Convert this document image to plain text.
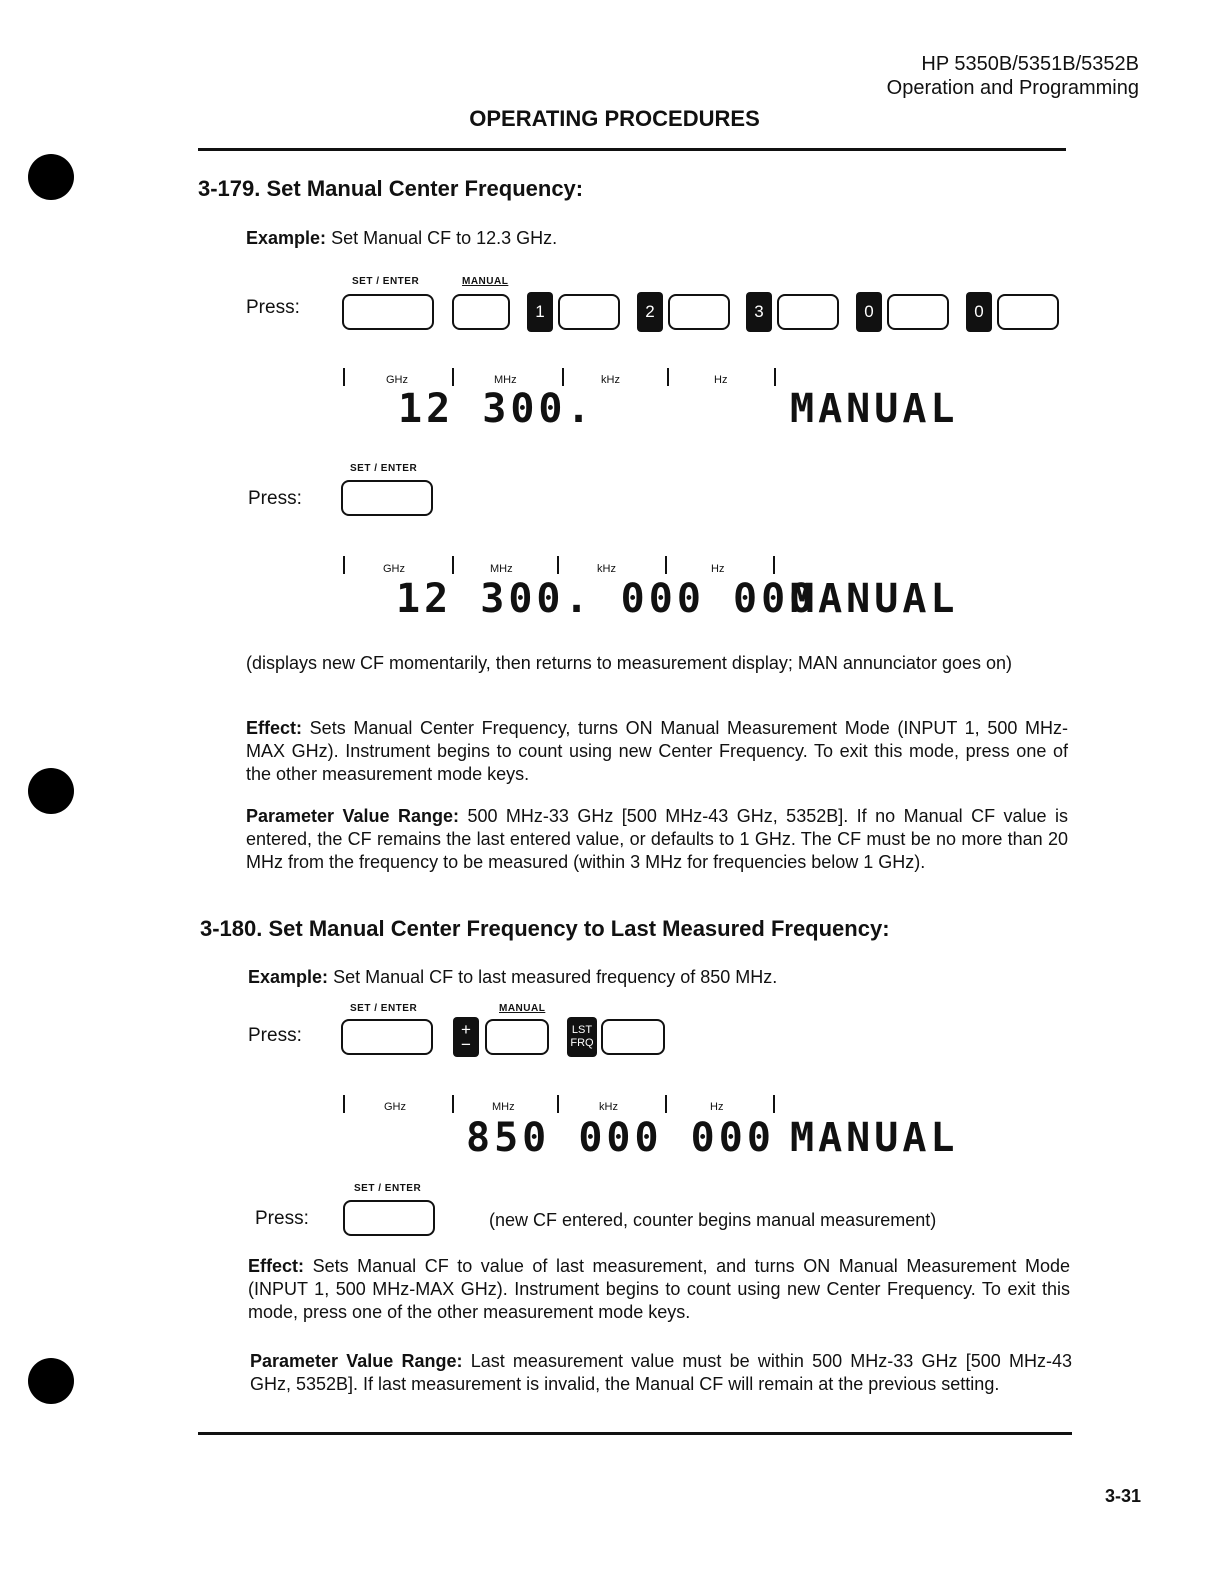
HP 5350B/5351B/5352B
Operation and Programming
OPERATING PROCEDURES
3-179. Set Manual Center Frequency:
Example: Set Manual CF to 12.3 GHz.
SET / ENTER	MANUAL
Press:	1	2	3	0	0
GHz	MHz	kHz	Hz
12 300.	MANUAL
SET / ENTER
Press:
GHz	MHz	kHz	Hz
12 300. 000 000
MANUAL
(displays new CF momentarily, then returns to measurement display; MAN annunciator goes on)
Effect: Sets Manual Center Frequency, turns ON Manual Measurement Mode (INPUT 1, 500 MHz-MAX GHz). Instrument begins to count using new Center Frequency. To exit this mode, press one of the other measurement mode keys.
Parameter Value Range: 500 MHz-33 GHz [500 MHz-43 GHz, 5352B]. If no Manual CF value is entered, the CF remains the last entered value, or defaults to 1 GHz. The CF must be no more than 20 MHz from the frequency to be measured (within 3 MHz for frequencies below 1 GHz).
3-180. Set Manual Center Frequency to Last Measured Frequency:
Example: Set Manual CF to last measured frequency of 850 MHz.
SET / ENTER	MANUAL
Press:	+
−
LST
FRQ
GHz	MHz	kHz	Hz
850 000 000 MANUAL
SET / ENTER
Press:	(new CF entered, counter begins manual measurement)
Effect: Sets Manual CF to value of last measurement, and turns ON Manual Measurement Mode (INPUT 1, 500 MHz-MAX GHz). Instrument begins to count using new Center Frequency. To exit this mode, press one of the other measurement mode keys.
Parameter Value Range: Last measurement value must be within 500 MHz-33 GHz [500 MHz-43 GHz, 5352B]. If last measurement is invalid, the Manual CF will remain at the previous setting.
3-31
